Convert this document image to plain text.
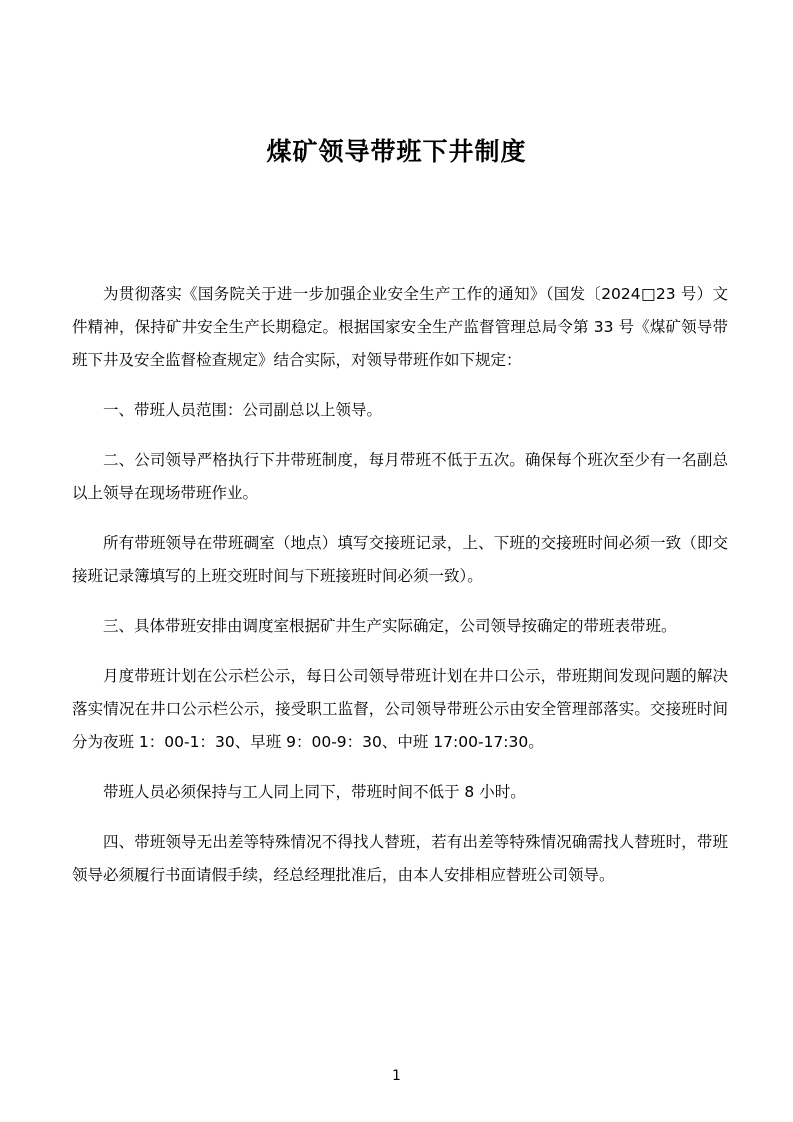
煤矿领导带班下井制度

为贯彻落实《国务院关于进一步加强企业安全生产工作的通知》（国发〔2024□23 号）文件精神，保持矿井安全生产长期稳定。根据国家安全生产监督管理总局令第 33 号《煤矿领导带班下井及安全监督检查规定》结合实际，对领导带班作如下规定：

一、带班人员范围：公司副总以上领导。

二、公司领导严格执行下井带班制度，每月带班不低于五次。确保每个班次至少有一名副总以上领导在现场带班作业。

所有带班领导在带班碉室（地点）填写交接班记录，上、下班的交接班时间必须一致（即交接班记录簿填写的上班交班时间与下班接班时间必须一致）。

三、具体带班安排由调度室根据矿井生产实际确定，公司领导按确定的带班表带班。

月度带班计划在公示栏公示，每日公司领导带班计划在井口公示，带班期间发现问题的解决落实情况在井口公示栏公示，接受职工监督，公司领导带班公示由安全管理部落实。交接班时间分为夜班 1：00-1：30、早班 9：00-9：30、中班 17:00-17:30。

带班人员必须保持与工人同上同下，带班时间不低于 8 小时。

四、带班领导无出差等特殊情况不得找人替班，若有出差等特殊情况确需找人替班时，带班领导必须履行书面请假手续，经总经理批准后，由本人安排相应替班公司领导。

1
